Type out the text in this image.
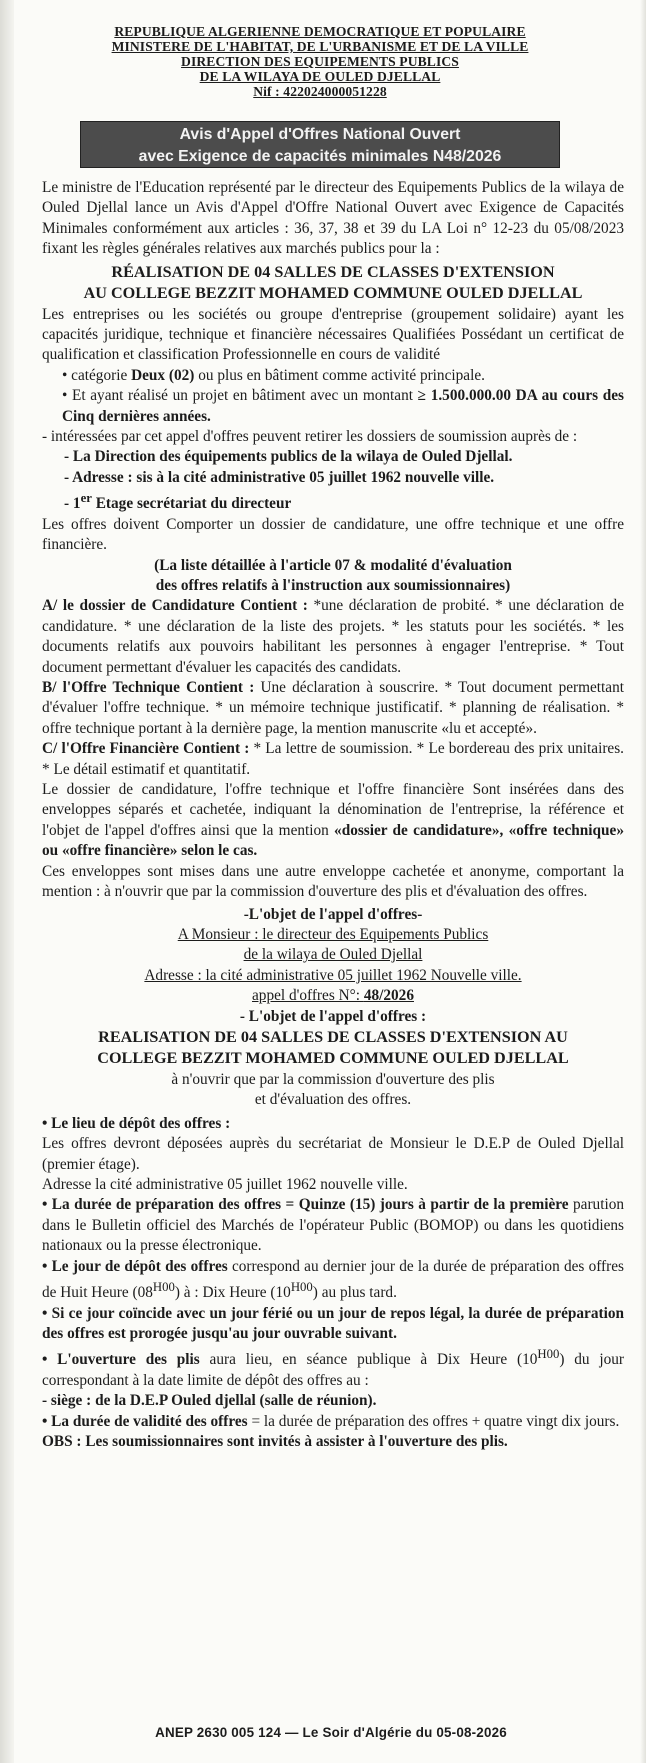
REPUBLIQUE ALGERIENNE DEMOCRATIQUE ET POPULAIRE
MINISTERE DE L'HABITAT, DE L'URBANISME ET DE LA VILLE
DIRECTION DES EQUIPEMENTS PUBLICS
DE LA WILAYA DE OULED DJELLAL
Nif : 422024000051228
Avis d'Appel d'Offres National Ouvert
avec Exigence de capacités minimales N48/2026

Le ministre de l'Education représenté par le directeur des Equipements Publics de la wilaya de Ouled Djellal lance un Avis d'Appel d'Offre National Ouvert avec Exigence de Capacités Minimales conformément aux articles : 36, 37, 38 et 39 du LA Loi n° 12-23 du 05/08/2023 fixant les règles générales relatives aux marchés publics pour la :

RÉALISATION DE 04 SALLES DE CLASSES D'EXTENSION
AU COLLEGE BEZZIT MOHAMED COMMUNE OULED DJELLAL

Les entreprises ou les sociétés ou groupe d'entreprise (groupement solidaire) ayant les capacités juridique, technique et financière nécessaires Qualifiées Possédant un certificat de qualification et classification Professionnelle en cours de validité

• catégorie Deux (02) ou plus en bâtiment comme activité principale.

• Et ayant réalisé un projet en bâtiment avec un montant ≥ 1.500.000.00 DA au cours des Cinq dernières années.

- intéressées par cet appel d'offres peuvent retirer les dossiers de soumission auprès de :

- La Direction des équipements publics de la wilaya de Ouled Djellal.

- Adresse : sis à la cité administrative 05 juillet 1962 nouvelle ville.

- 1er Etage secrétariat du directeur

Les offres doivent Comporter un dossier de candidature, une offre technique et une offre financière.

(La liste détaillée à l'article 07 & modalité d'évaluation
des offres relatifs à l'instruction aux soumissionnaires)

A/ le dossier de Candidature Contient : *une déclaration de probité. * une déclaration de candidature. * une déclaration de la liste des projets. * les statuts pour les sociétés. * les documents relatifs aux pouvoirs habilitant les personnes à engager l'entreprise. * Tout document permettant d'évaluer les capacités des candidats.

B/ l'Offre Technique Contient : Une déclaration à souscrire. * Tout document permettant d'évaluer l'offre technique. * un mémoire technique justificatif. * planning de réalisation. * offre technique portant à la dernière page, la mention manuscrite «lu et accepté».

C/ l'Offre Financière Contient : * La lettre de soumission. * Le bordereau des prix unitaires. * Le détail estimatif et quantitatif.

Le dossier de candidature, l'offre technique et l'offre financière Sont insérées dans des enveloppes séparés et cachetée, indiquant la dénomination de l'entreprise, la référence et l'objet de l'appel d'offres ainsi que la mention «dossier de candidature», «offre technique» ou «offre financière» selon le cas.

Ces enveloppes sont mises dans une autre enveloppe cachetée et anonyme, comportant la mention : à n'ouvrir que par la commission d'ouverture des plis et d'évaluation des offres.

-L'objet de l'appel d'offres-
A Monsieur : le directeur des Equipements Publics
de la wilaya de Ouled Djellal
Adresse : la cité administrative 05 juillet 1962 Nouvelle ville.
appel d'offres N°: 48/2026
- L'objet de l'appel d'offres :
REALISATION DE 04 SALLES DE CLASSES D'EXTENSION AU
COLLEGE BEZZIT MOHAMED COMMUNE OULED DJELLAL
à n'ouvrir que par la commission d'ouverture des plis
et d'évaluation des offres.

• Le lieu de dépôt des offres :

Les offres devront déposées auprès du secrétariat de Monsieur le D.E.P de Ouled Djellal (premier étage).

Adresse la cité administrative 05 juillet 1962 nouvelle ville.

• La durée de préparation des offres = Quinze (15) jours à partir de la première parution dans le Bulletin officiel des Marchés de l'opérateur Public (BOMOP) ou dans les quotidiens nationaux ou la presse électronique.

• Le jour de dépôt des offres correspond au dernier jour de la durée de préparation des offres de Huit Heure $(08^{H00})$ à : Dix Heure $(10^{H00})$ au plus tard.

• Si ce jour coïncide avec un jour férié ou un jour de repos légal, la durée de préparation des offres est prorogée jusqu'au jour ouvrable suivant.

• L'ouverture des plis aura lieu, en séance publique à Dix Heure $(10^{H00})$ du jour correspondant à la date limite de dépôt des offres au :

- siège : de la D.E.P Ouled djellal (salle de réunion).

• La durée de validité des offres = la durée de préparation des offres + quatre vingt dix jours.

OBS : Les soumissionnaires sont invités à assister à l'ouverture des plis.

ANEP 2630 005 124 — Le Soir d'Algérie du 05-08-2026
